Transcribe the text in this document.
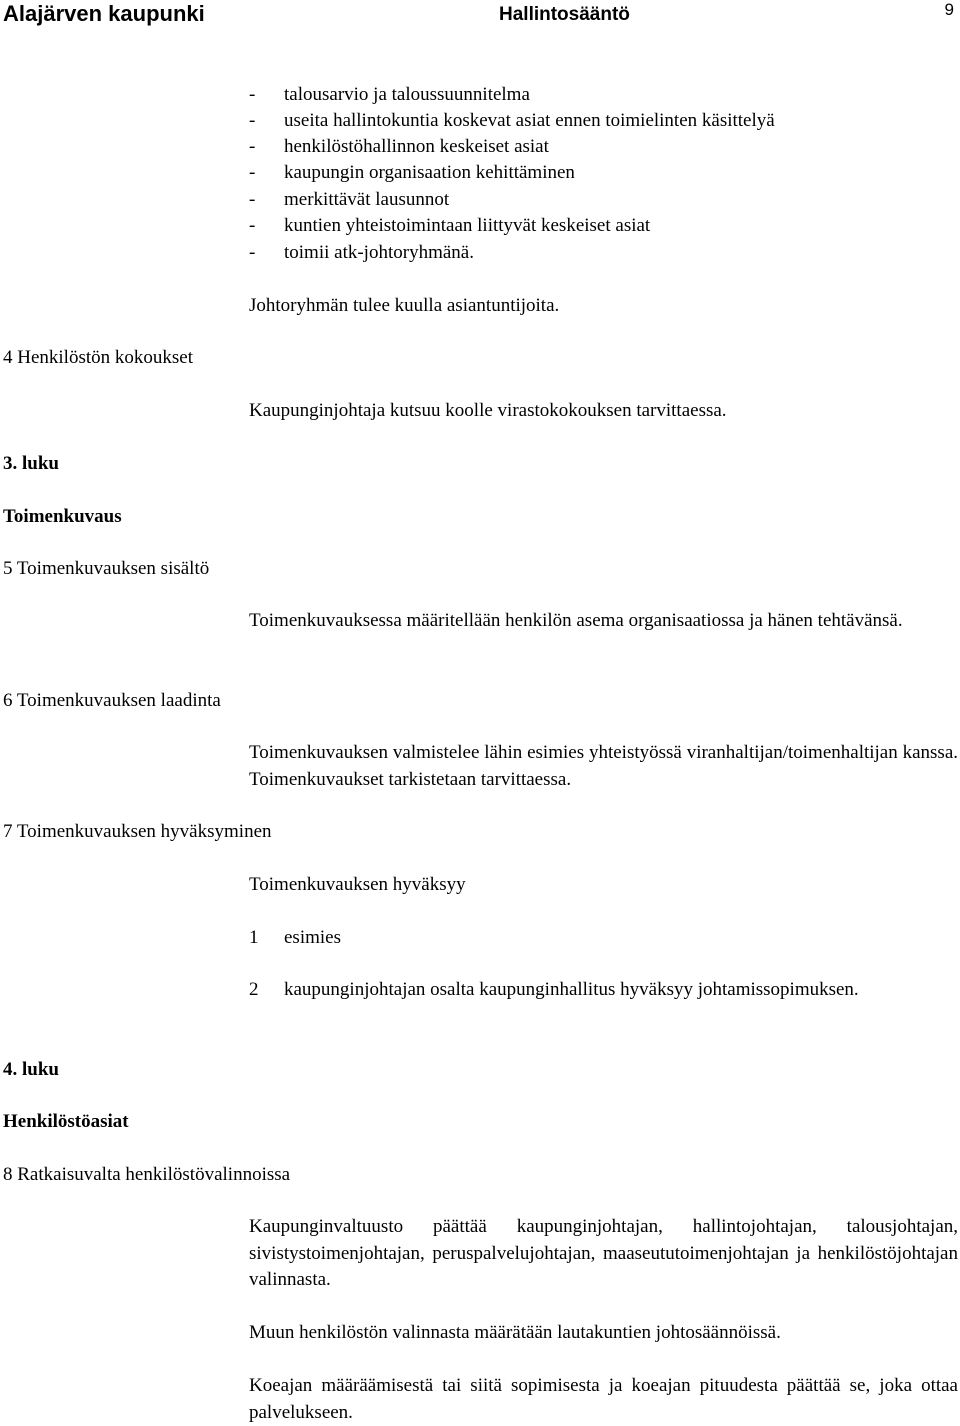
Alajärven kaupunki	Hallintosääntö	9
- talousarvio ja taloussuunnitelma
- useita hallintokuntia koskevat asiat ennen toimielinten käsittelyä
- henkilöstöhallinnon keskeiset asiat
- kaupungin organisaation kehittäminen
- merkittävät lausunnot
- kuntien yhteistoimintaan liittyvät keskeiset asiat
- toimii atk-johtoryhmänä.
Johtoryhmän tulee kuulla asiantuntijoita.
4 Henkilöstön kokoukset
Kaupunginjohtaja kutsuu koolle virastokokouksen tarvittaessa.
3. luku
Toimenkuvaus
5 Toimenkuvauksen sisältö
Toimenkuvauksessa määritellään henkilön asema organisaatiossa ja hänen tehtävänsä.
6 Toimenkuvauksen laadinta
Toimenkuvauksen valmistelee lähin esimies yhteistyössä viranhaltijan/toimenhaltijan kanssa. Toimenkuvaukset tarkistetaan tarvittaessa.
7 Toimenkuvauksen hyväksyminen
Toimenkuvauksen hyväksyy
1 esimies
2 kaupunginjohtajan osalta kaupunginhallitus hyväksyy johtamissopimuksen.
4. luku
Henkilöstöasiat
8 Ratkaisuvalta henkilöstövalinnoissa
Kaupunginvaltuusto päättää kaupunginjohtajan, hallintojohtajan, talousjohtajan, sivistystoimenjohtajan, peruspalvelujohtajan, maaseututoimenjohtajan ja henkilöstöjohtajan valinnasta.
Muun henkilöstön valinnasta määrätään lautakuntien johtosäännöissä.
Koeajan määräämisestä tai siitä sopimisesta ja koeajan pituudesta päättää se, joka ottaa palvelukseen.
